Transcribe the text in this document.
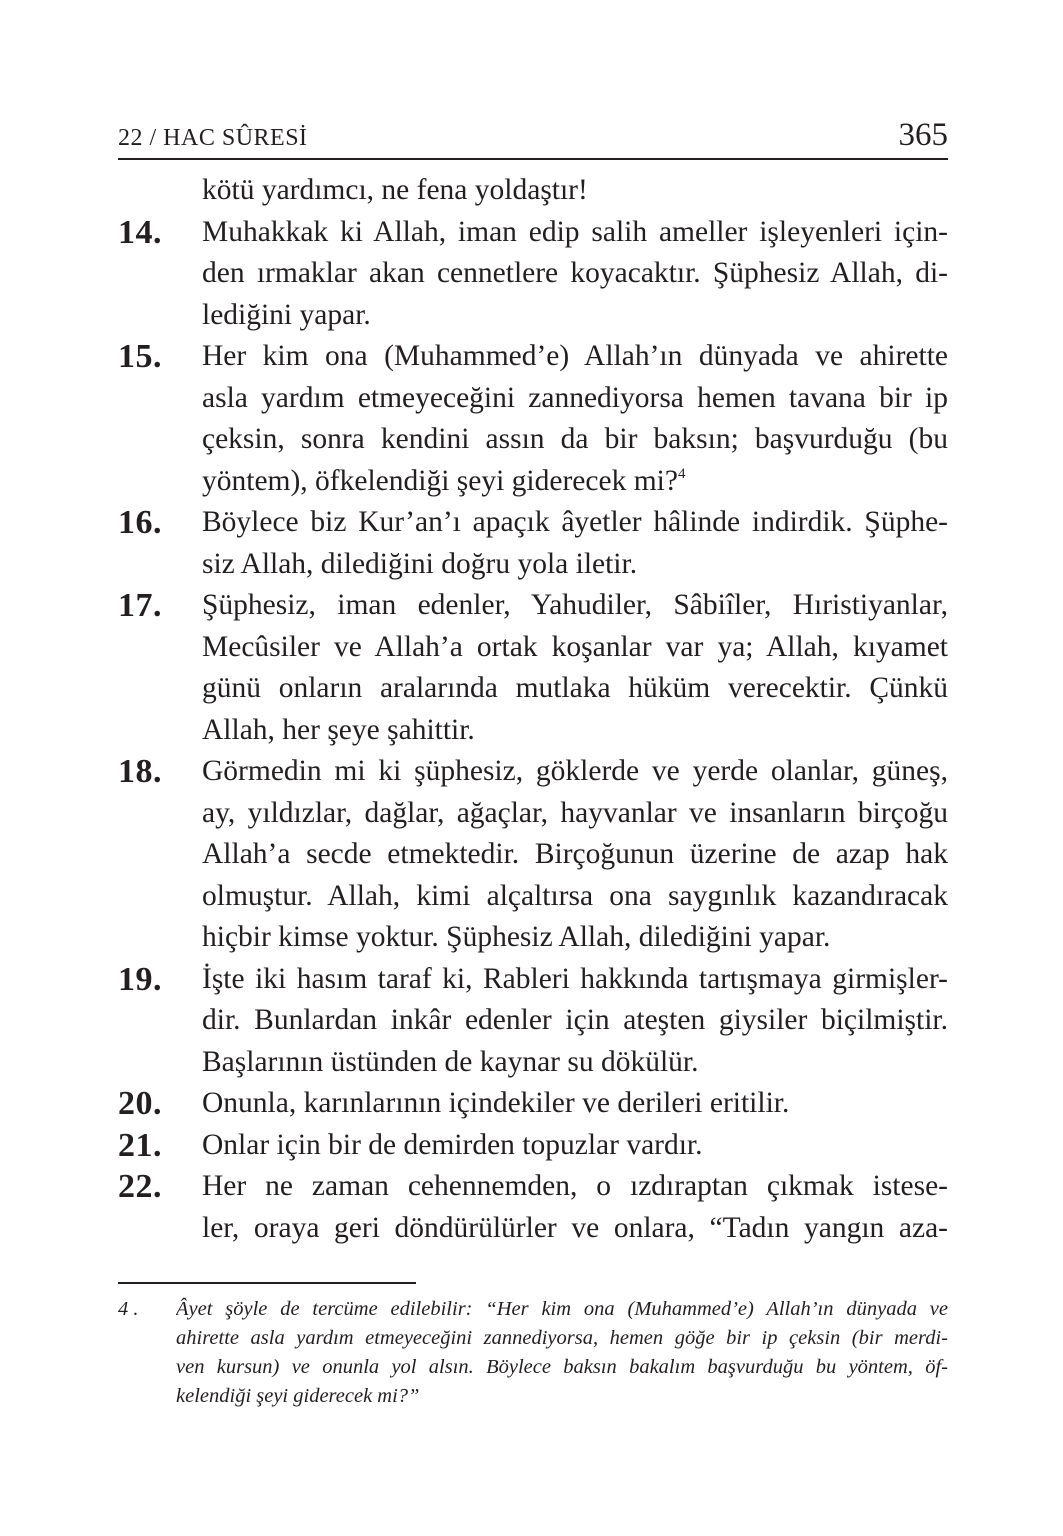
22 / HAC SÛRESİ	365
kötü yardımcı, ne fena yoldaştır!
14. Muhakkak ki Allah, iman edip salih ameller işleyenleri için-
den ırmaklar akan cennetlere koyacaktır. Şüphesiz Allah, di-
lediğini yapar.
15. Her kim ona (Muhammed’e) Allah’ın dünyada ve ahirette
asla yardım etmeyeceğini zannediyorsa hemen tavana bir ip
çeksin, sonra kendini assın da bir baksın; başvurduğu (bu
yöntem), öfkelendiği şeyi giderecek mi?$^4$
16. Böylece biz Kur’an’ı apaçık âyetler hâlinde indirdik. Şüphe-
siz Allah, dilediğini doğru yola iletir.
17. Şüphesiz, iman edenler, Yahudiler, Sâbiîler, Hıristiyanlar,
Mecûsiler ve Allah’a ortak koşanlar var ya; Allah, kıyamet
günü onların aralarında mutlaka hüküm verecektir. Çünkü
Allah, her şeye şahittir.
18. Görmedin mi ki şüphesiz, göklerde ve yerde olanlar, güneş,
ay, yıldızlar, dağlar, ağaçlar, hayvanlar ve insanların birçoğu
Allah’a secde etmektedir. Birçoğunun üzerine de azap hak
olmuştur. Allah, kimi alçaltırsa ona saygınlık kazandıracak
hiçbir kimse yoktur. Şüphesiz Allah, dilediğini yapar.
19. İşte iki hasım taraf ki, Rableri hakkında tartışmaya girmişler-
dir. Bunlardan inkâr edenler için ateşten giysiler biçilmiştir.
Başlarının üstünden de kaynar su dökülür.
20. Onunla, karınlarının içindekiler ve derileri eritilir.
21. Onlar için bir de demirden topuzlar vardır.
22. Her ne zaman cehennemden, o ızdıraptan çıkmak istese-
ler, oraya geri döndürülürler ve onlara, “Tadın yangın aza-
4 . Âyet şöyle de tercüme edilebilir: “Her kim ona (Muhammed’e) Allah’ın dünyada ve
ahirette asla yardım etmeyeceğini zannediyorsa, hemen göğe bir ip çeksin (bir merdi-
ven kursun) ve onunla yol alsın. Böylece baksın bakalım başvurduğu bu yöntem, öf-
kelendiği şeyi giderecek mi?”
